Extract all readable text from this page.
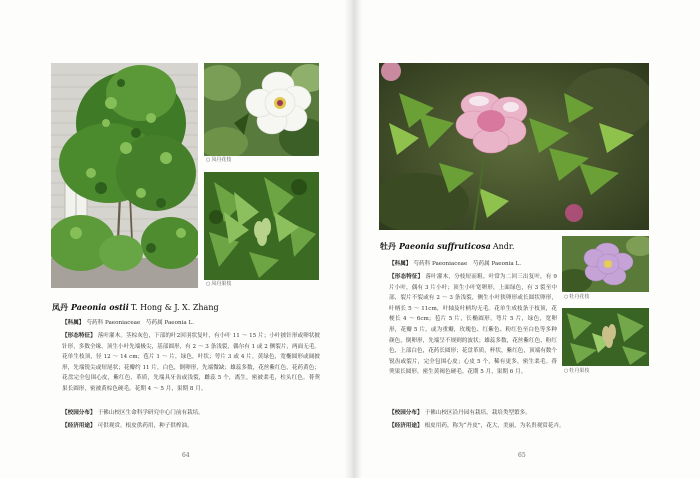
○ 凤丹花枝
○ 凤丹果枝
凤丹 Paeonia ostii T. Hong & J. X. Zhang
【科属】 芍药科 Paeoniaceae　芍药属 Paeonia L.
【形态特征】 落叶灌木。茎棕灰色，下部的叶2回羽状复叶，有小叶 11 ～ 15 片；小叶披针形或卵状披针形，多数全缘，顶生小叶先端极尖，基部圆形，有 2 ～ 3 条浅裂，偶尔有 1 或 2 侧裂片，两面无毛。花单生枝顶，径 12 ～ 14 cm；苞片 1 ～ 片，绿色，叶状；萼片 3 或 4 片，黄绿色，宽椭圆形或阔披形，先端锐尖或短尾状；花瓣约 11 片，白色，倒卵形，先端微缺；雄蕊多数，花丝紫红色，花药黄色；花盘完全包围心皮，紫红色，革质，先端具牙齿或浅裂，雌蕊 5 个，离生，密被柔毛，柱头红色。蓇葖果长圆形，密被黄棕色硬毛。花期 4 ～ 5 月，果期 8 月。
【校园分布】 于佛山校区生命科学研究中心门前有栽培。
【经济用途】 可供观赏。根皮供药用，种子供榨油。
64
牡丹 Paeonia suffruticosa Andr.
【科属】 芍药科 Paeoniaceae　芍药属 Paeonia L.
【形态特征】 落叶灌木，分枝短而粗。叶常为二回三出复叶，有 9 片小叶，偶有 3 片小叶；顶生小叶宽卵形，上面绿色，有 3 裂至中部，裂片不裂或有 2 ～ 3 条浅裂，侧生小叶狭卵形或长圆状卵形，叶柄长 5 ～ 11cm，叶轴及叶柄均无毛。花单生成枝条于枝顶，花梗长 4 ～ 6cm；苞片 5 片，长椭圆形，萼片 5 片，绿色，宽卵形，花瓣 5 片，或为重瓣，玫瑰色、红紫色、粉红色至白色等多种颜色，倒卵形，先端呈不规则的波状；雄蕊多数，花丝紫红色、粉红色，上部白色，花药长圆形；花盘革质，杯状，紫红色，顶端有数个锐齿或裂片，完全包围心皮；心皮 5 个，稀有更多，密生柔毛。蓇葖果长圆形，密生黄褐色硬毛。花期 5 月，果期 6 月。
【校园分布】 于佛山校区沿丹园有栽培，栽培类型繁多。
【经济用途】 根皮用药，称为“丹皮”，花大，美丽，为名贵观赏花卉。
○ 牡丹花枝
○ 牡丹果枝
65
